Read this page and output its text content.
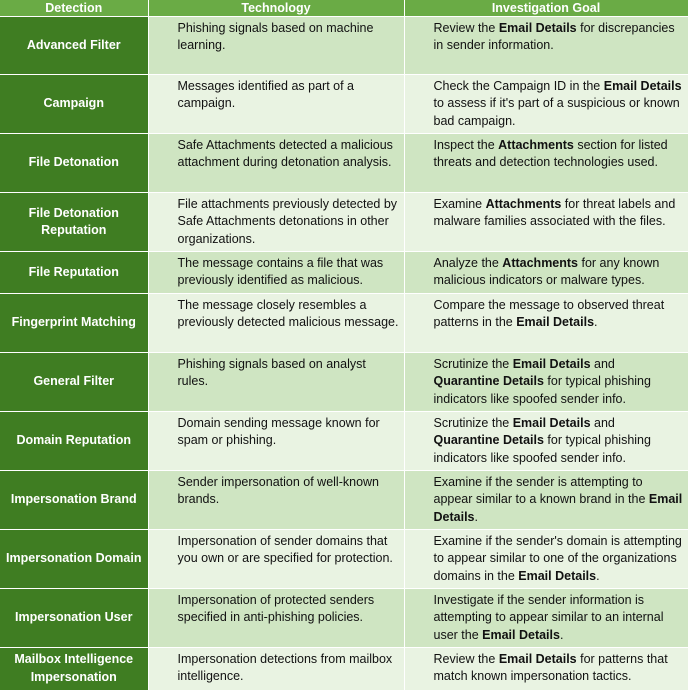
Detection	Technology	Investigation Goal
Advanced Filter	Phishing signals based on machine learning.	Review the Email Details for discrepancies in sender information.
Campaign	Messages identified as part of a campaign.	Check the Campaign ID in the Email Details to assess if it's part of a suspicious or known bad campaign.
File Detonation	Safe Attachments detected a malicious attachment during detonation analysis.	Inspect the Attachments section for listed threats and detection technologies used.
File Detonation Reputation	File attachments previously detected by Safe Attachments detonations in other organizations.	Examine Attachments for threat labels and malware families associated with the files.
File Reputation	The message contains a file that was previously identified as malicious.	Analyze the Attachments for any known malicious indicators or malware types.
Fingerprint Matching	The message closely resembles a previously detected malicious message.	Compare the message to observed threat patterns in the Email Details.
General Filter	Phishing signals based on analyst rules.	Scrutinize the Email Details and Quarantine Details for typical phishing indicators like spoofed sender info.
Domain Reputation	Domain sending message known for spam or phishing.	Scrutinize the Email Details and Quarantine Details for typical phishing indicators like spoofed sender info.
Impersonation Brand	Sender impersonation of well-known brands.	Examine if the sender is attempting to appear similar to a known brand in the Email Details.
Impersonation Domain	Impersonation of sender domains that you own or are specified for protection.	Examine if the sender's domain is attempting to appear similar to one of the organizations domains in the Email Details.
Impersonation User	Impersonation of protected senders specified in anti-phishing policies.	Investigate if the sender information is attempting to appear similar to an internal user the Email Details.
Mailbox Intelligence Impersonation	Impersonation detections from mailbox intelligence.	Review the Email Details for patterns that match known impersonation tactics.
